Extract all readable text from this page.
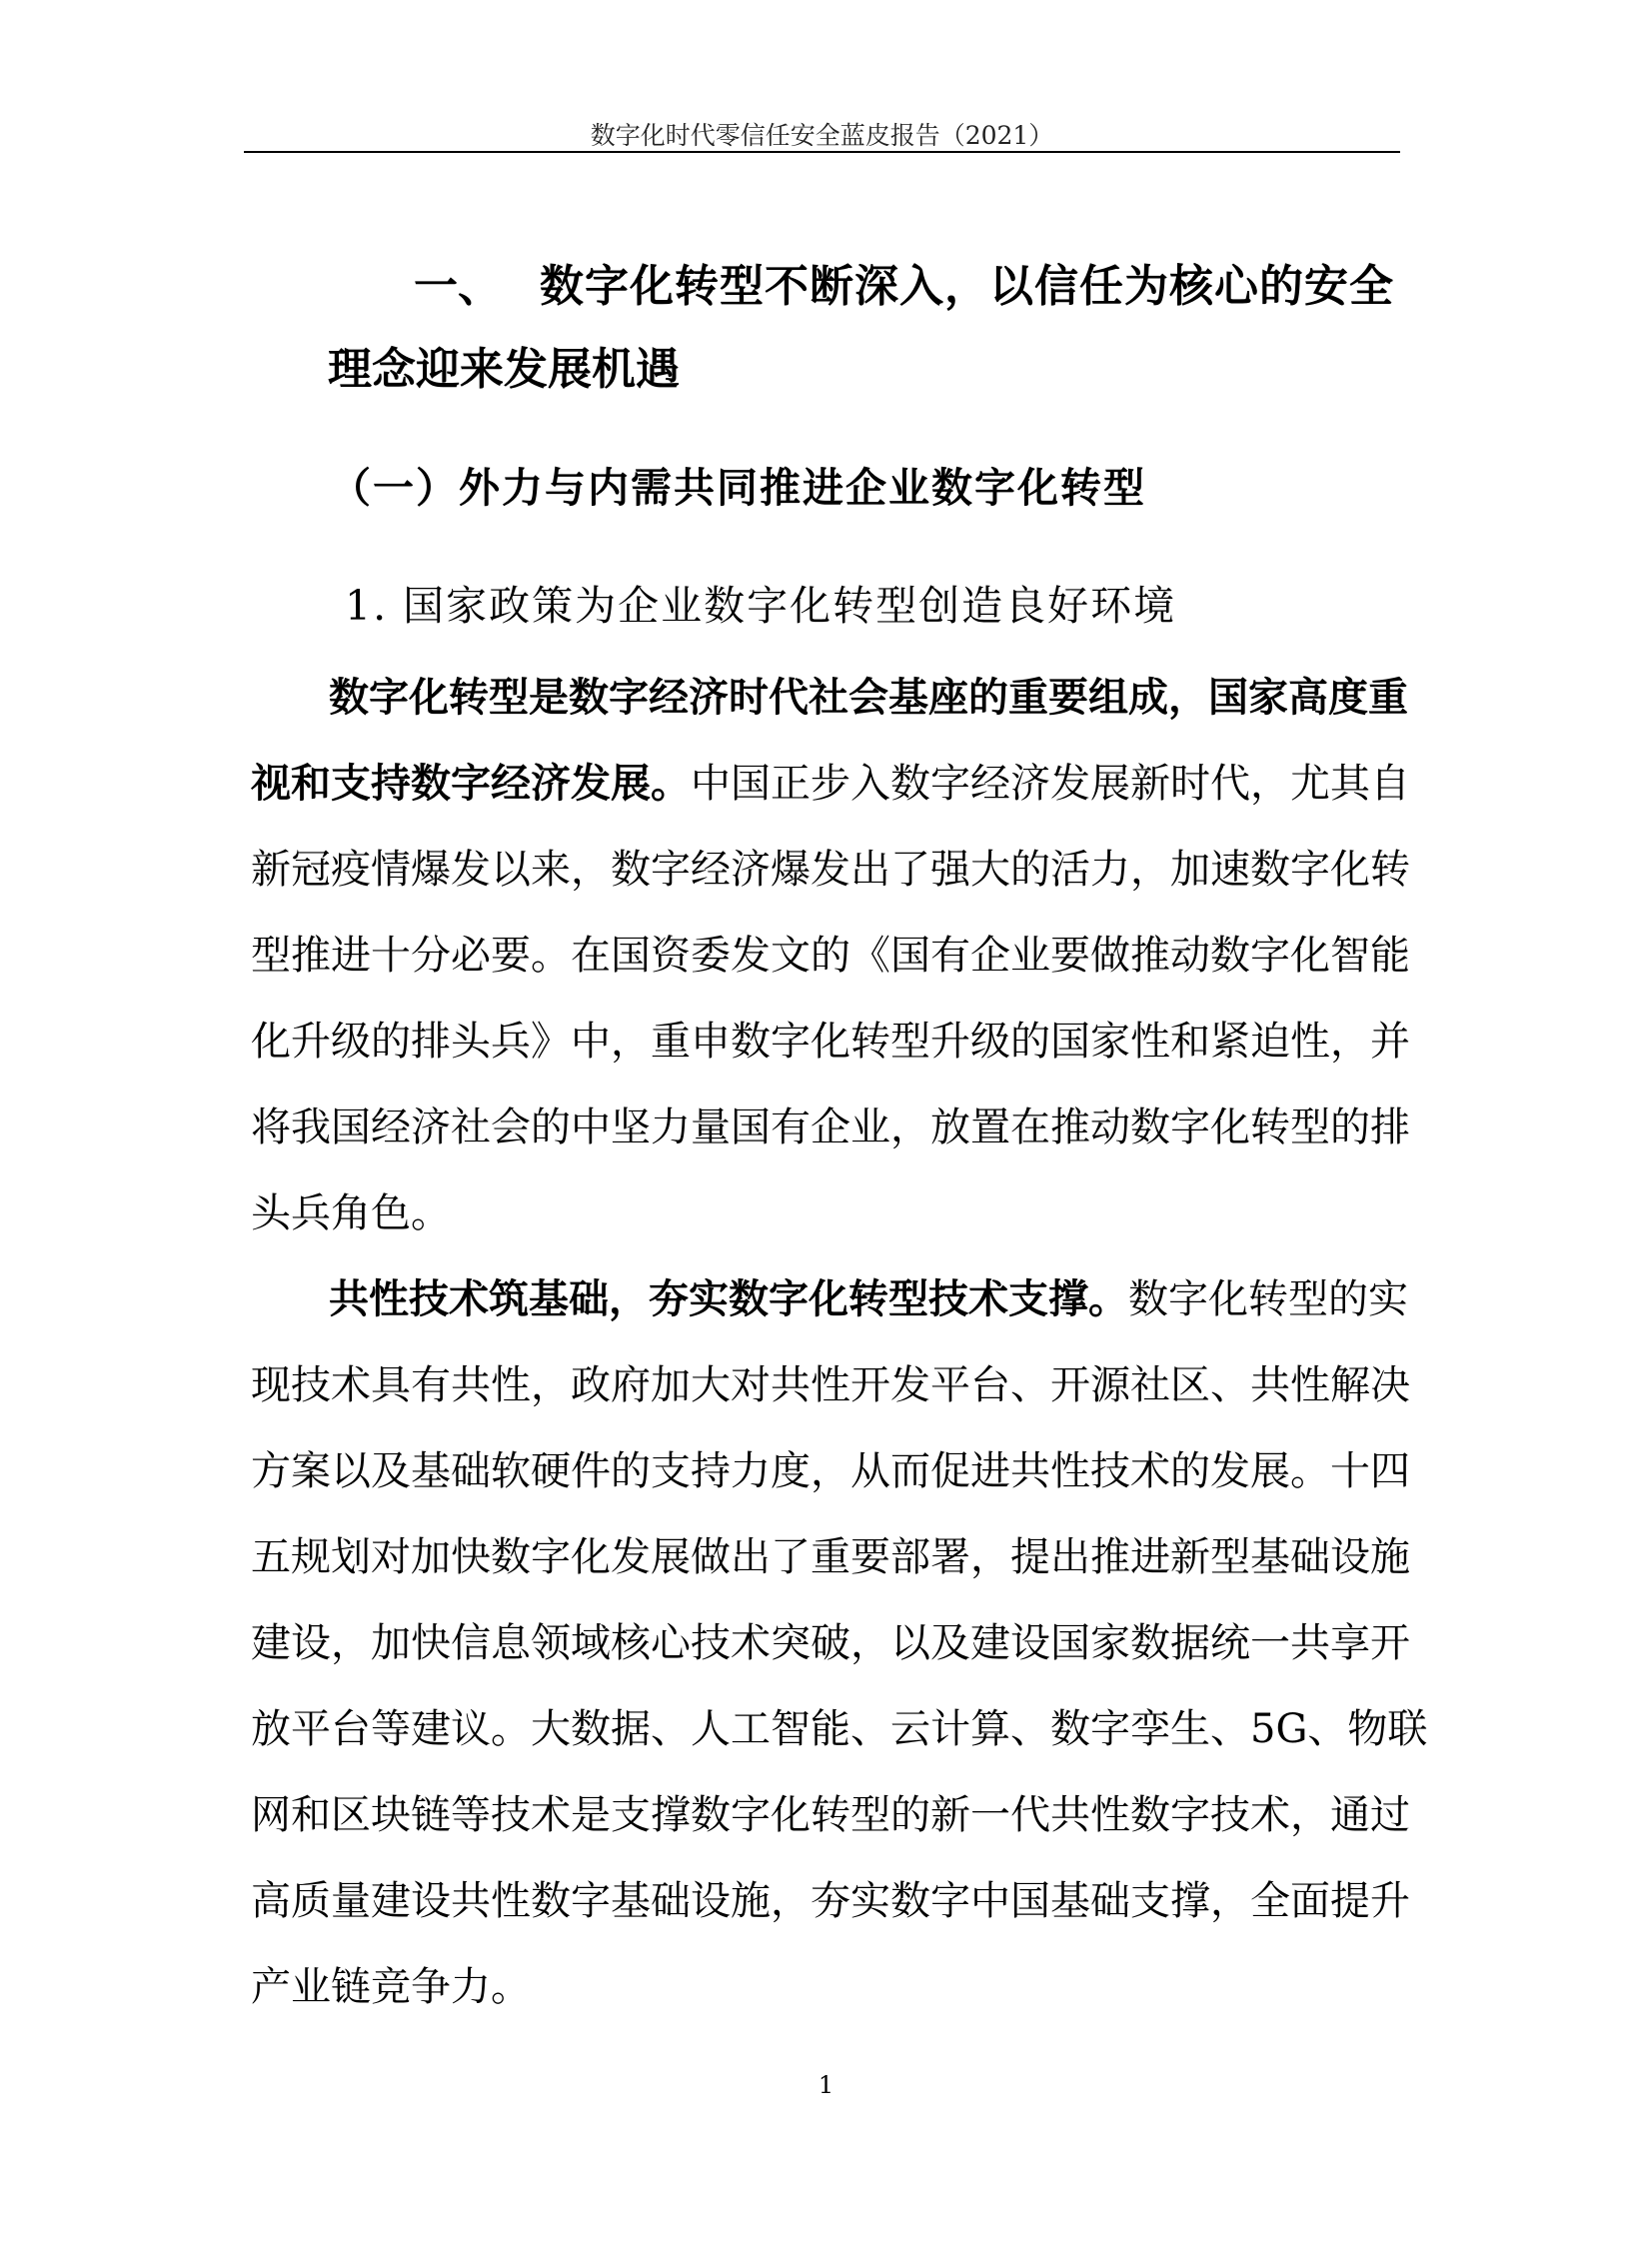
数字化时代零信任安全蓝皮报告（2021）
一、 数字化转型不断深入，以信任为核心的安全
理念迎来发展机遇
（一）外力与内需共同推进企业数字化转型
1. 国家政策为企业数字化转型创造良好环境
数字化转型是数字经济时代社会基座的重要组成，国家高度重
视和支持数字经济发展。中国正步入数字经济发展新时代，尤其自
新冠疫情爆发以来，数字经济爆发出了强大的活力，加速数字化转
型推进十分必要。在国资委发文的《国有企业要做推动数字化智能
化升级的排头兵》中，重申数字化转型升级的国家性和紧迫性，并
将我国经济社会的中坚力量国有企业，放置在推动数字化转型的排
头兵角色。
共性技术筑基础，夯实数字化转型技术支撑。数字化转型的实
现技术具有共性，政府加大对共性开发平台、开源社区、共性解决
方案以及基础软硬件的支持力度，从而促进共性技术的发展。十四
五规划对加快数字化发展做出了重要部署，提出推进新型基础设施
建设，加快信息领域核心技术突破，以及建设国家数据统一共享开
放平台等建议。大数据、人工智能、云计算、数字孪生、5G、物联
网和区块链等技术是支撑数字化转型的新一代共性数字技术，通过
高质量建设共性数字基础设施，夯实数字中国基础支撑，全面提升
产业链竞争力。
1
